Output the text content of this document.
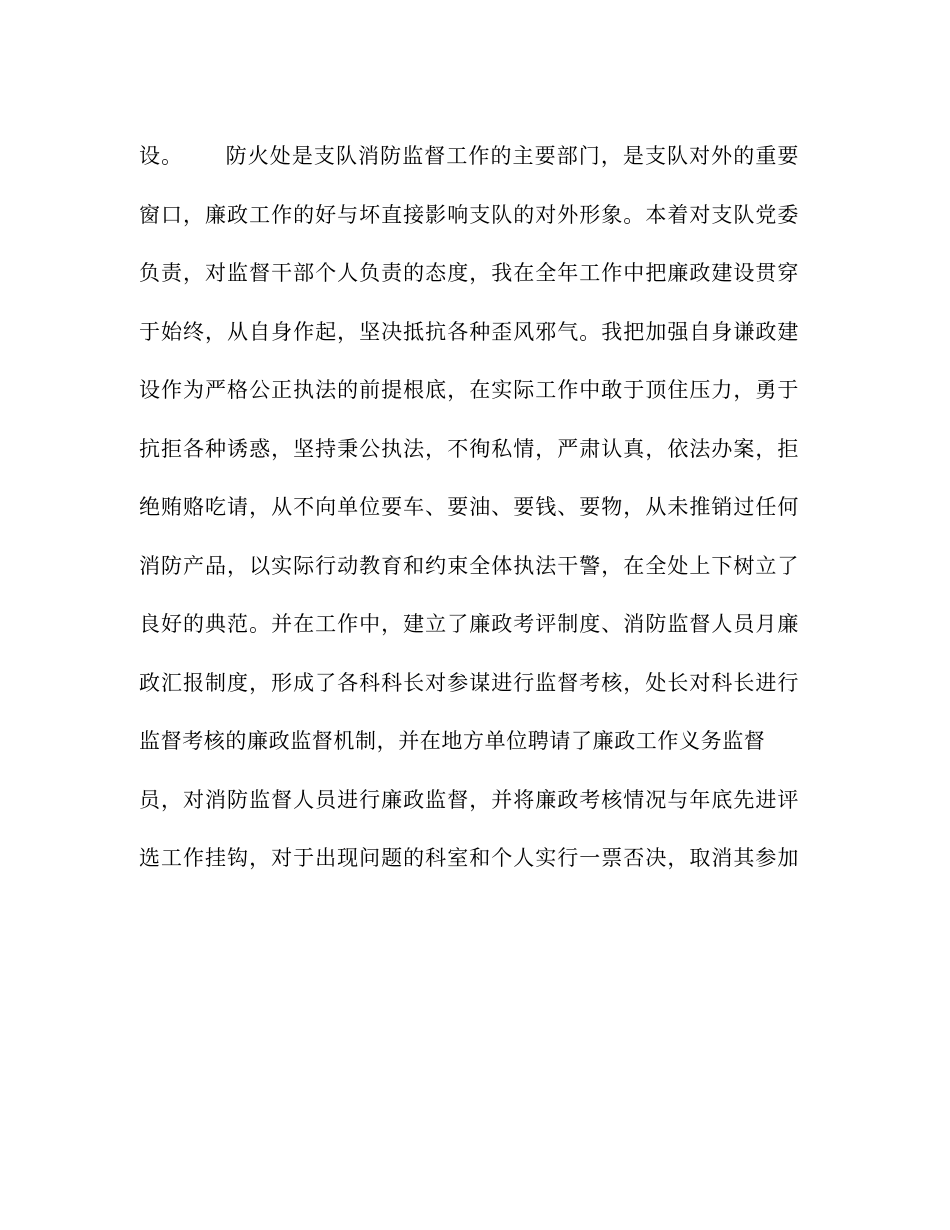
设。 防火处是支队消防监督工作的主要部门，是支队对外的重要
窗口，廉政工作的好与坏直接影响支队的对外形象。本着对支队党委
负责，对监督干部个人负责的态度，我在全年工作中把廉政建设贯穿
于始终，从自身作起，坚决抵抗各种歪风邪气。我把加强自身谦政建
设作为严格公正执法的前提根底，在实际工作中敢于顶住压力，勇于
抗拒各种诱惑，坚持秉公执法，不徇私情，严肃认真，依法办案，拒
绝贿赂吃请，从不向单位要车、要油、要钱、要物，从未推销过任何
消防产品，以实际行动教育和约束全体执法干警，在全处上下树立了
良好的典范。并在工作中，建立了廉政考评制度、消防监督人员月廉
政汇报制度，形成了各科科长对参谋进行监督考核，处长对科长进行
监督考核的廉政监督机制，并在地方单位聘请了廉政工作义务监督
员，对消防监督人员进行廉政监督，并将廉政考核情况与年底先进评
选工作挂钩，对于出现问题的科室和个人实行一票否决，取消其参加
